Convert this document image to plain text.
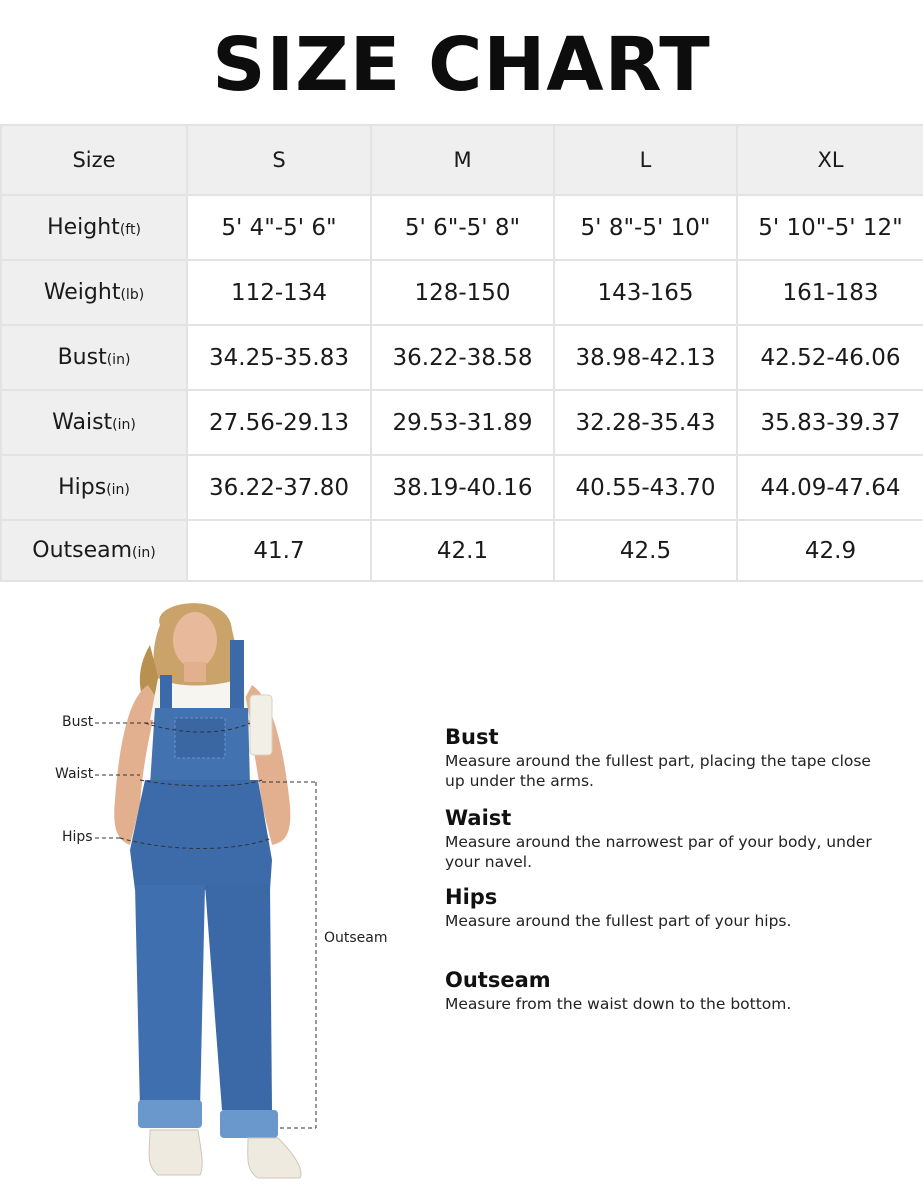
SIZE CHART
Size	S	M	L	XL
Height(ft)	5' 4"-5' 6"	5' 6"-5' 8"	5' 8"-5' 10"	5' 10"-5' 12"
Weight(lb)	112-134	128-150	143-165	161-183
Bust(in)	34.25-35.83	36.22-38.58	38.98-42.13	42.52-46.06
Waist(in)	27.56-29.13	29.53-31.89	32.28-35.43	35.83-39.37
Hips(in)	36.22-37.80	38.19-40.16	40.55-43.70	44.09-47.64
Outseam(in)	41.7	42.1	42.5	42.9
Bust
Waist
Hips
Outseam
Bust
Measure around the fullest part, placing the tape close up under the arms.
Waist
Measure around the narrowest par of your body, under your navel.
Hips
Measure around the fullest part of your hips.
Outseam
Measure from the waist down to the bottom.
